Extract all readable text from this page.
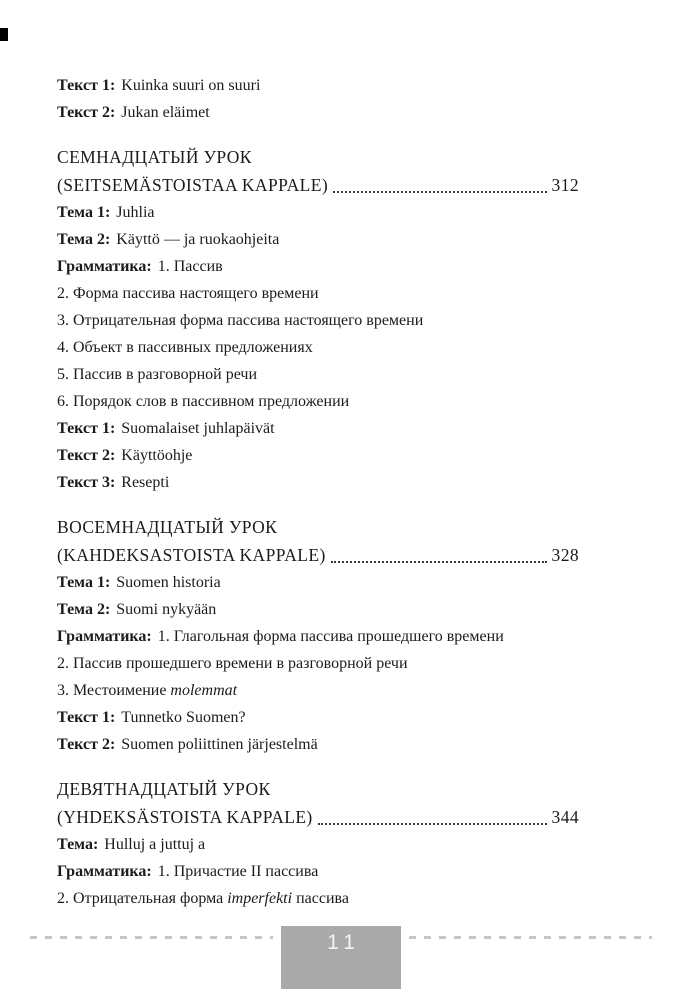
Текст 1: Kuinka suuri on suuri

Текст 2: Jukan eläimet

СЕМНАДЦАТЫЙ УРОК
(SEITSEMÄSTOISTAA KAPPALE)	312

Тема 1: Juhlia

Тема 2: Käyttö — ja ruokaohjeita

Грамматика: 1. Пассив

2. Форма пассива настоящего времени

3. Отрицательная форма пассива настоящего времени

4. Объект в пассивных предложениях

5. Пассив в разговорной речи

6. Порядок слов в пассивном предложении

Текст 1: Suomalaiset juhlapäivät

Текст 2: Käyttöohje

Текст 3: Resepti

ВОСЕМНАДЦАТЫЙ УРОК
(KAHDEKSASTOISTA KAPPALE)	328

Тема 1: Suomen historia

Тема 2: Suomi nykyään

Грамматика: 1. Глагольная форма пассива прошедшего времени

2. Пассив прошедшего времени в разговорной речи

3. Местоимение molemmat

Текст 1: Tunnetko Suomen?

Текст 2: Suomen poliittinen järjestelmä

ДЕВЯТНАДЦАТЫЙ УРОК
(YHDEKSÄSTOISTA KAPPALE)	344

Тема: Hulluj a juttuj a

Грамматика: 1. Причастие II пассива

2. Отрицательная форма imperfekti пассива

11
